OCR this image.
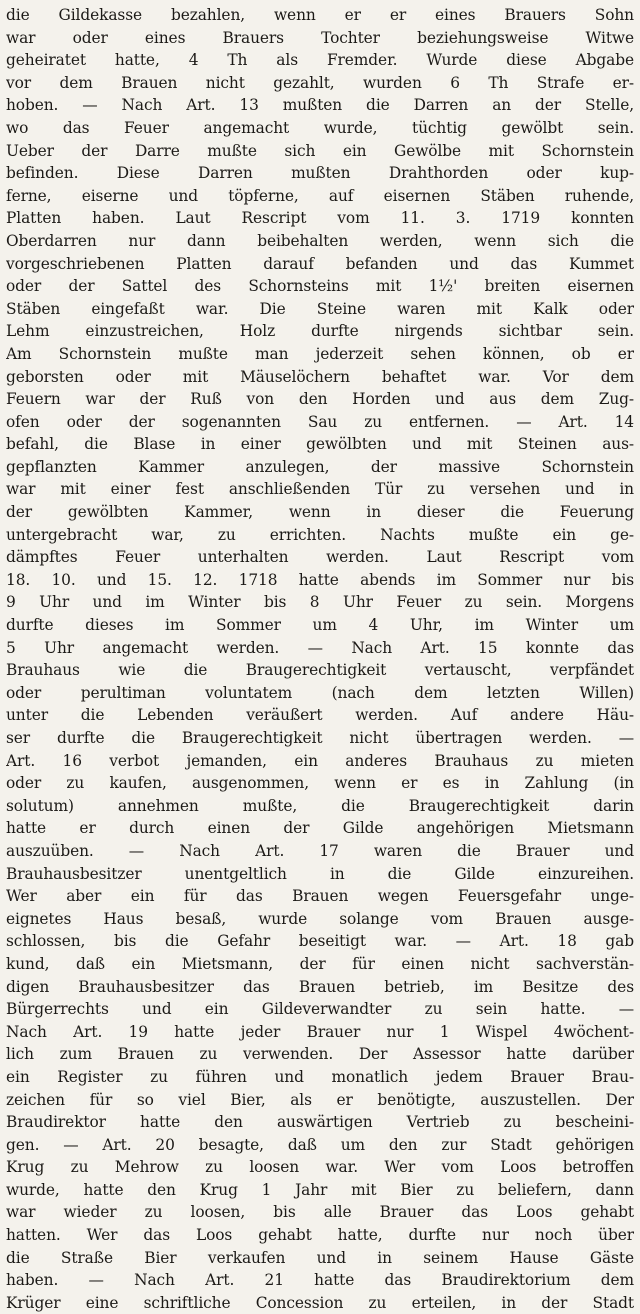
die Gildekasse bezahlen, wenn er er eines Brauers Sohn
war oder eines Brauers Tochter beziehungsweise Witwe
geheiratet hatte, 4 Th als Fremder. Wurde diese Abgabe
vor dem Brauen nicht gezahlt, wurden 6 Th Strafe er-
hoben. — Nach Art. 13 mußten die Darren an der Stelle,
wo das Feuer angemacht wurde, tüchtig gewölbt sein.
Ueber der Darre mußte sich ein Gewölbe mit Schornstein
befinden. Diese Darren mußten Drahthorden oder kup-
ferne, eiserne und töpferne, auf eisernen Stäben ruhende,
Platten haben. Laut Rescript vom 11. 3. 1719 konnten
Oberdarren nur dann beibehalten werden, wenn sich die
vorgeschriebenen Platten darauf befanden und das Kummet
oder der Sattel des Schornsteins mit 1½' breiten eisernen
Stäben eingefaßt war. Die Steine waren mit Kalk oder
Lehm einzustreichen, Holz durfte nirgends sichtbar sein.
Am Schornstein mußte man jederzeit sehen können, ob er
geborsten oder mit Mäuselöchern behaftet war. Vor dem
Feuern war der Ruß von den Horden und aus dem Zug-
ofen oder der sogenannten Sau zu entfernen. — Art. 14
befahl, die Blase in einer gewölbten und mit Steinen aus-
gepflanzten Kammer anzulegen, der massive Schornstein
war mit einer fest anschließenden Tür zu versehen und in
der gewölbten Kammer, wenn in dieser die Feuerung
untergebracht war, zu errichten. Nachts mußte ein ge-
dämpftes Feuer unterhalten werden. Laut Rescript vom
18. 10. und 15. 12. 1718 hatte abends im Sommer nur bis
9 Uhr und im Winter bis 8 Uhr Feuer zu sein. Morgens
durfte dieses im Sommer um 4 Uhr, im Winter um
5 Uhr angemacht werden. — Nach Art. 15 konnte das
Brauhaus wie die Braugerechtigkeit vertauscht, verpfändet
oder perultiman voluntatem (nach dem letzten Willen)
unter die Lebenden veräußert werden. Auf andere Häu-
ser durfte die Braugerechtigkeit nicht übertragen werden. —
Art. 16 verbot jemanden, ein anderes Brauhaus zu mieten
oder zu kaufen, ausgenommen, wenn er es in Zahlung (in
solutum) annehmen mußte, die Braugerechtigkeit darin
hatte er durch einen der Gilde angehörigen Mietsmann
auszuüben. — Nach Art. 17 waren die Brauer und
Brauhausbesitzer unentgeltlich in die Gilde einzureihen.
Wer aber ein für das Brauen wegen Feuersgefahr unge-
eignetes Haus besaß, wurde solange vom Brauen ausge-
schlossen, bis die Gefahr beseitigt war. — Art. 18 gab
kund, daß ein Mietsmann, der für einen nicht sachverstän-
digen Brauhausbesitzer das Brauen betrieb, im Besitze des
Bürgerrechts und ein Gildeverwandter zu sein hatte. —
Nach Art. 19 hatte jeder Brauer nur 1 Wispel 4wöchent-
lich zum Brauen zu verwenden. Der Assessor hatte darüber
ein Register zu führen und monatlich jedem Brauer Brau-
zeichen für so viel Bier, als er benötigte, auszustellen. Der
Braudirektor hatte den auswärtigen Vertrieb zu bescheini-
gen. — Art. 20 besagte, daß um den zur Stadt gehörigen
Krug zu Mehrow zu loosen war. Wer vom Loos betroffen
wurde, hatte den Krug 1 Jahr mit Bier zu beliefern, dann
war wieder zu loosen, bis alle Brauer das Loos gehabt
hatten. Wer das Loos gehabt hatte, durfte nur noch über
die Straße Bier verkaufen und in seinem Hause Gäste
haben. — Nach Art. 21 hatte das Braudirektorium dem
Krüger eine schriftliche Concession zu erteilen, in der Stadt
